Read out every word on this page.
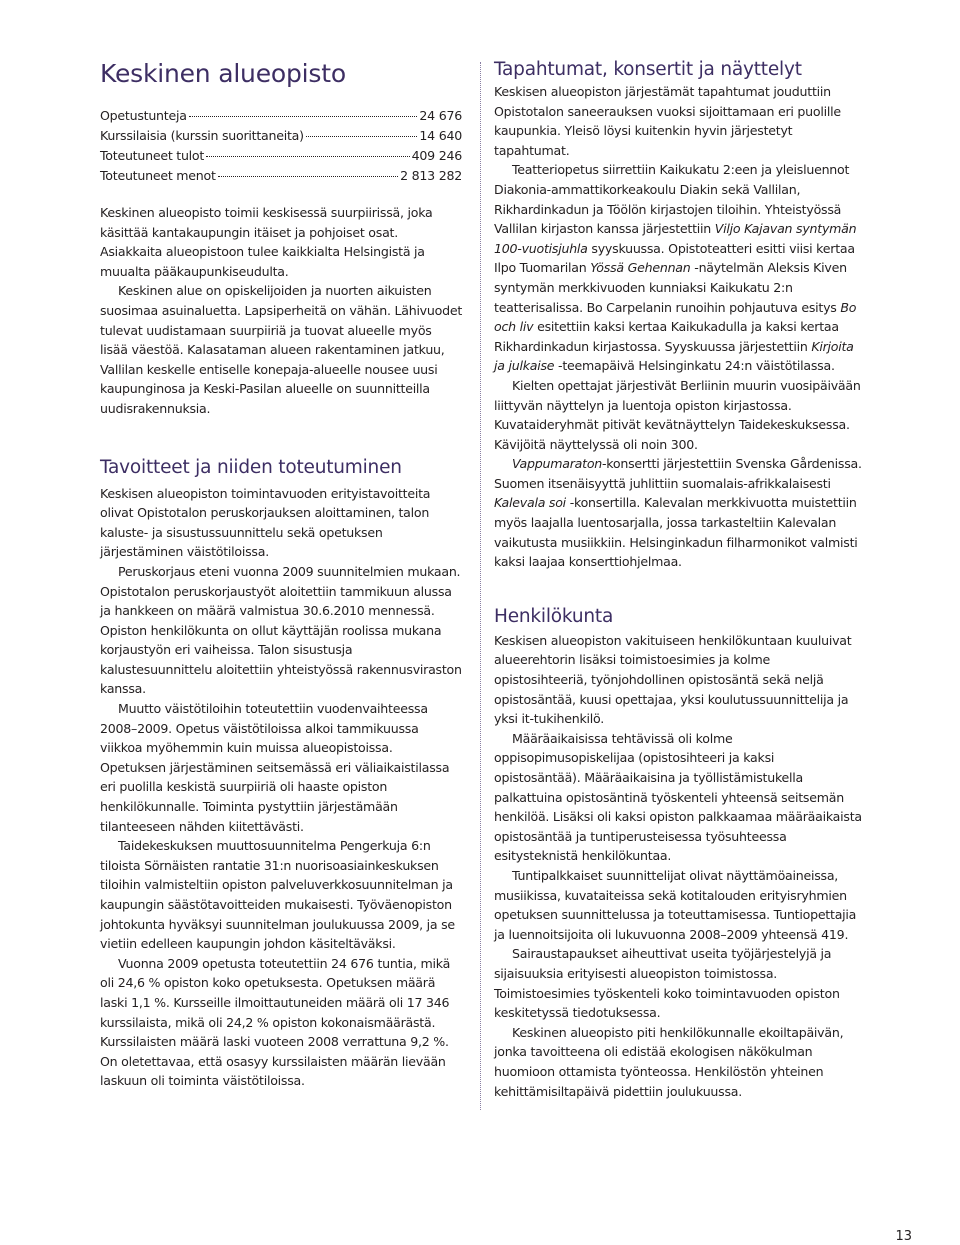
Keskinen alueopisto
Opetustunteja	24 676
Kurssilaisia (kurssin suorittaneita)	14 640
Toteutuneet tulot	409 246
Toteutuneet menot	2 813 282

Keskinen alueopisto toimii keskisessä suurpiirissä, joka käsittää kantakaupungin itäiset ja pohjoiset osat. Asiakkaita alueopistoon tulee kaikkialta Helsingistä ja muualta pääkaupunkiseudulta.

Keskinen alue on opiskelijoiden ja nuorten aikuisten suosimaa asuinaluetta. Lapsiperheitä on vähän. Lähivuodet tulevat uudistamaan suurpiiriä ja tuovat alueelle myös lisää väestöä. Kalasataman alueen rakentaminen jatkuu, Vallilan keskelle entiselle konepaja-alueelle nousee uusi kaupunginosa ja Keski-Pasilan alueelle on suunnitteilla uudisrakennuksia.

Tavoitteet ja niiden toteutuminen

Keskisen alueopiston toimintavuoden erityistavoitteita olivat Opistotalon peruskorjauksen aloittaminen, talon kaluste- ja sisustussuunnittelu sekä opetuksen järjestäminen väistötiloissa.

Peruskorjaus eteni vuonna 2009 suunnitelmien mukaan. Opistotalon peruskorjaustyöt aloitettiin tammikuun alussa ja hankkeen on määrä valmistua 30.6.2010 mennessä. Opiston henkilökunta on ollut käyttäjän roolissa mukana korjaustyön eri vaiheissa. Talon sisustusja kalustesuunnittelu aloitettiin yhteistyössä rakennusviraston kanssa.

Muutto väistötiloihin toteutettiin vuodenvaihteessa 2008–2009. Opetus väistötiloissa alkoi tammikuussa viikkoa myöhemmin kuin muissa alueopistoissa. Opetuksen järjestäminen seitsemässä eri väliaikaistilassa eri puolilla keskistä suurpiiriä oli haaste opiston henkilökunnalle. Toiminta pystyttiin järjestämään tilanteeseen nähden kiitettävästi.

Taidekeskuksen muuttosuunnitelma Pengerkuja 6:n tiloista Sörnäisten rantatie 31:n nuorisoasiainkeskuksen tiloihin valmisteltiin opiston palveluverkkosuunnitelman ja kaupungin säästötavoitteiden mukaisesti. Työväenopiston johtokunta hyväksyi suunnitelman joulukuussa 2009, ja se vietiin edelleen kaupungin johdon käsiteltäväksi.

Vuonna 2009 opetusta toteutettiin 24 676 tuntia, mikä oli 24,6 % opiston koko opetuksesta. Opetuksen määrä laski 1,1 %. Kursseille ilmoittautuneiden määrä oli 17 346 kurssilaista, mikä oli 24,2 % opiston kokonaismäärästä. Kurssilaisten määrä laski vuoteen 2008 verrattuna 9,2 %. On oletettavaa, että osasyy kurssilaisten määrän lievään laskuun oli toiminta väistötiloissa.

Tapahtumat, konsertit ja näyttelyt

Keskisen alueopiston järjestämät tapahtumat jouduttiin Opistotalon saneerauksen vuoksi sijoittamaan eri puolille kaupunkia. Yleisö löysi kuitenkin hyvin järjestetyt tapahtumat.

Teatteriopetus siirrettiin Kaikukatu 2:een ja yleisluennot Diakonia-ammattikorkeakoulu Diakin sekä Vallilan, Rikhardinkadun ja Töölön kirjastojen tiloihin. Yhteistyössä Vallilan kirjaston kanssa järjestettiin Viljo Kajavan syntymän 100-vuotisjuhla syyskuussa. Opistoteatteri esitti viisi kertaa Ilpo Tuomarilan Yössä Gehennan -näytelmän Aleksis Kiven syntymän merkkivuoden kunniaksi Kaikukatu 2:n teatterisalissa. Bo Carpelanin runoihin pohjautuva esitys Bo och liv esitettiin kaksi kertaa Kaikukadulla ja kaksi kertaa Rikhardinkadun kirjastossa. Syyskuussa järjestettiin Kirjoita ja julkaise -teemapäivä Helsinginkatu 24:n väistötilassa.

Kielten opettajat järjestivät Berliinin muurin vuosipäivään liittyvän näyttelyn ja luentoja opiston kirjastossa. Kuvataideryhmät pitivät kevätnäyttelyn Taidekeskuksessa. Kävijöitä näyttelyssä oli noin 300.

Vappumaraton-konsertti järjestettiin Svenska Gårdenissa. Suomen itsenäisyyttä juhlittiin suomalais-afrikkalaisesti Kalevala soi -konsertilla. Kalevalan merkkivuotta muistettiin myös laajalla luentosarjalla, jossa tarkasteltiin Kalevalan vaikutusta musiikkiin. Helsinginkadun filharmonikot valmisti kaksi laajaa konserttiohjelmaa.

Henkilökunta

Keskisen alueopiston vakituiseen henkilökuntaan kuuluivat alueerehtorin lisäksi toimistoesimies ja kolme opistosihteeriä, työnjohdollinen opistosäntä sekä neljä opistosäntää, kuusi opettajaa, yksi koulutussuunnittelija ja yksi it-tukihenkilö.

Määräaikaisissa tehtävissä oli kolme oppisopimusopiskelijaa (opistosihteeri ja kaksi opistosäntää). Määräaikaisina ja työllistämistukella palkattuina opistosäntinä työskenteli yhteensä seitsemän henkilöä. Lisäksi oli kaksi opiston palkkaamaa määräaikaista opistosäntää ja tuntiperusteisessa työsuhteessa esitysteknistä henkilökuntaa.

Tuntipalkkaiset suunnittelijat olivat näyttämöaineissa, musiikissa, kuvataiteissa sekä kotitalouden erityisryhmien opetuksen suunnittelussa ja toteuttamisessa. Tuntiopettajia ja luennoitsijoita oli lukuvuonna 2008–2009 yhteensä 419.

Sairaustapaukset aiheuttivat useita työjärjestelyjä ja sijaisuuksia erityisesti alueopiston toimistossa. Toimistoesimies työskenteli koko toimintavuoden opiston keskitetyssä tiedotuksessa.

Keskinen alueopisto piti henkilökunnalle ekoiltapäivän, jonka tavoitteena oli edistää ekologisen näkökulman huomioon ottamista työnteossa. Henkilöstön yhteinen kehittämisiltapäivä pidettiin joulukuussa.

13
